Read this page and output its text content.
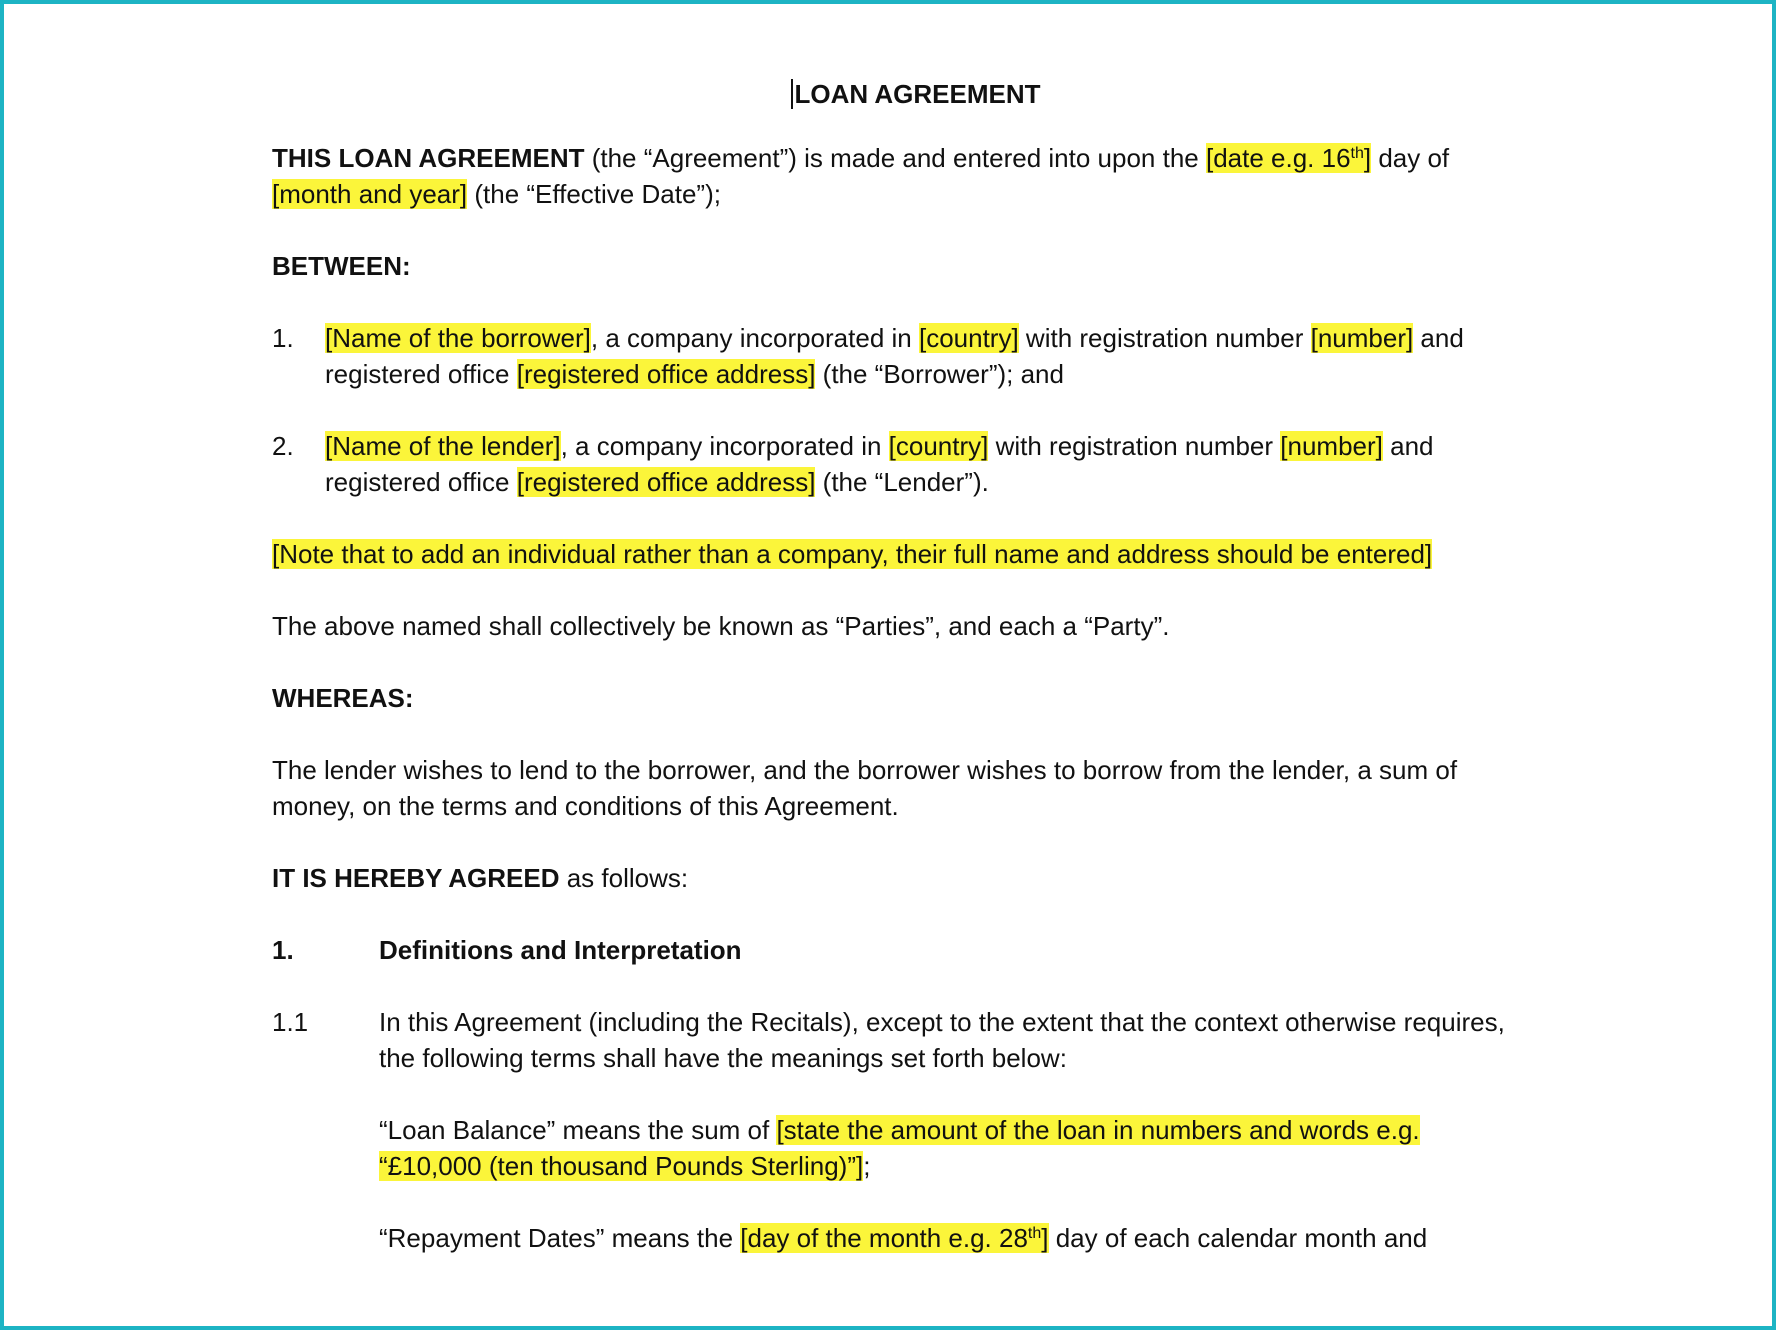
LOAN AGREEMENT

THIS LOAN AGREEMENT (the “Agreement”) is made and entered into upon the [date e.g. 16th] day of [month and year] (the “Effective Date”);

BETWEEN:

1.	[Name of the borrower], a company incorporated in [country] with registration number [number] and registered office [registered office address] (the “Borrower”); and
2.	[Name of the lender], a company incorporated in [country] with registration number [number] and registered office [registered office address] (the “Lender”).

[Note that to add an individual rather than a company, their full name and address should be entered]

The above named shall collectively be known as “Parties”, and each a “Party”.

WHEREAS:

The lender wishes to lend to the borrower, and the borrower wishes to borrow from the lender, a sum of money, on the terms and conditions of this Agreement.

IT IS HEREBY AGREED as follows:

1.	Definitions and Interpretation
1.1	In this Agreement (including the Recitals), except to the extent that the context otherwise requires, the following terms shall have the meanings set forth below:

“Loan Balance” means the sum of [state the amount of the loan in numbers and words e.g. “£10,000 (ten thousand Pounds Sterling)”];

“Repayment Dates” means the [day of the month e.g. 28th] day of each calendar month and
